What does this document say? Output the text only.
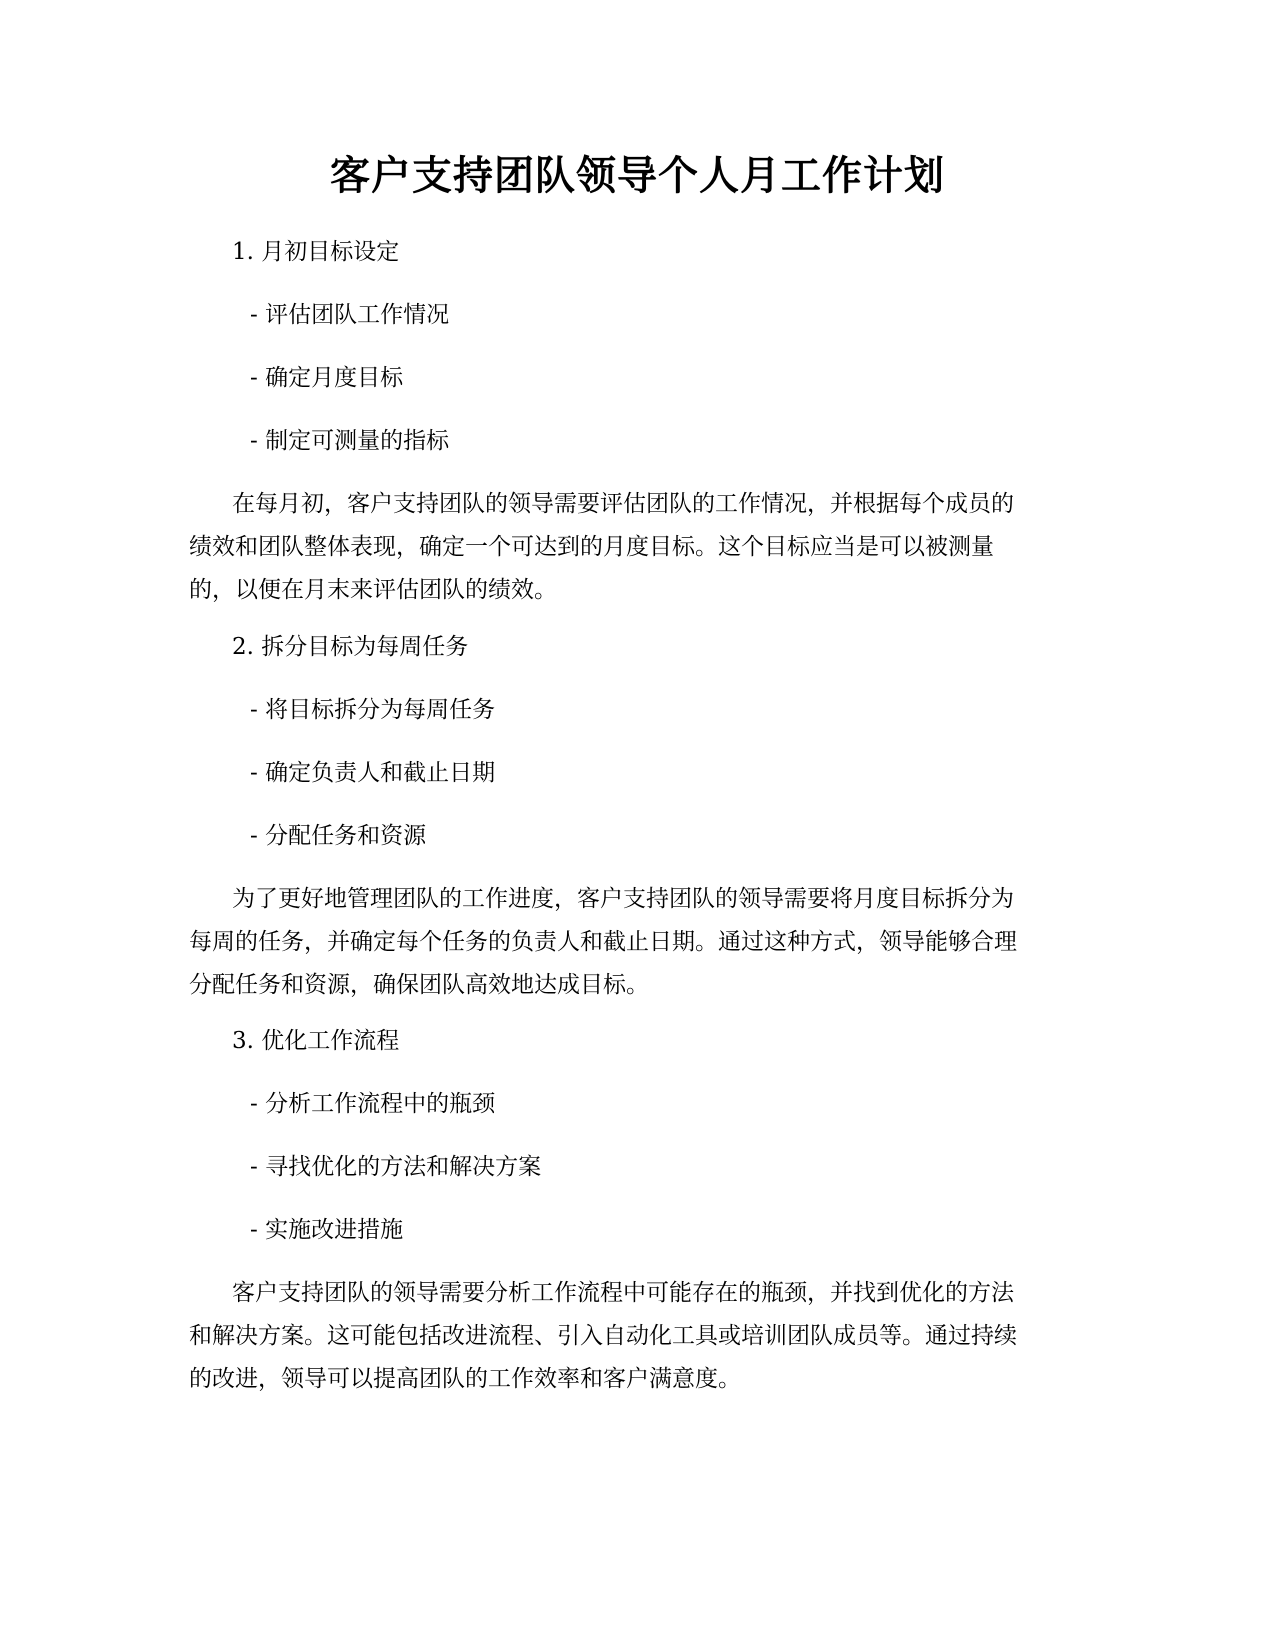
客户支持团队领导个人月工作计划
1. 月初目标设定
- 评估团队工作情况
- 确定月度目标
- 制定可测量的指标
在每月初，客户支持团队的领导需要评估团队的工作情况，并根据每个成员的
绩效和团队整体表现，确定一个可达到的月度目标。这个目标应当是可以被测量
的，以便在月末来评估团队的绩效。
2. 拆分目标为每周任务
- 将目标拆分为每周任务
- 确定负责人和截止日期
- 分配任务和资源
为了更好地管理团队的工作进度，客户支持团队的领导需要将月度目标拆分为
每周的任务，并确定每个任务的负责人和截止日期。通过这种方式，领导能够合理
分配任务和资源，确保团队高效地达成目标。
3. 优化工作流程
- 分析工作流程中的瓶颈
- 寻找优化的方法和解决方案
- 实施改进措施
客户支持团队的领导需要分析工作流程中可能存在的瓶颈，并找到优化的方法
和解决方案。这可能包括改进流程、引入自动化工具或培训团队成员等。通过持续
的改进，领导可以提高团队的工作效率和客户满意度。
